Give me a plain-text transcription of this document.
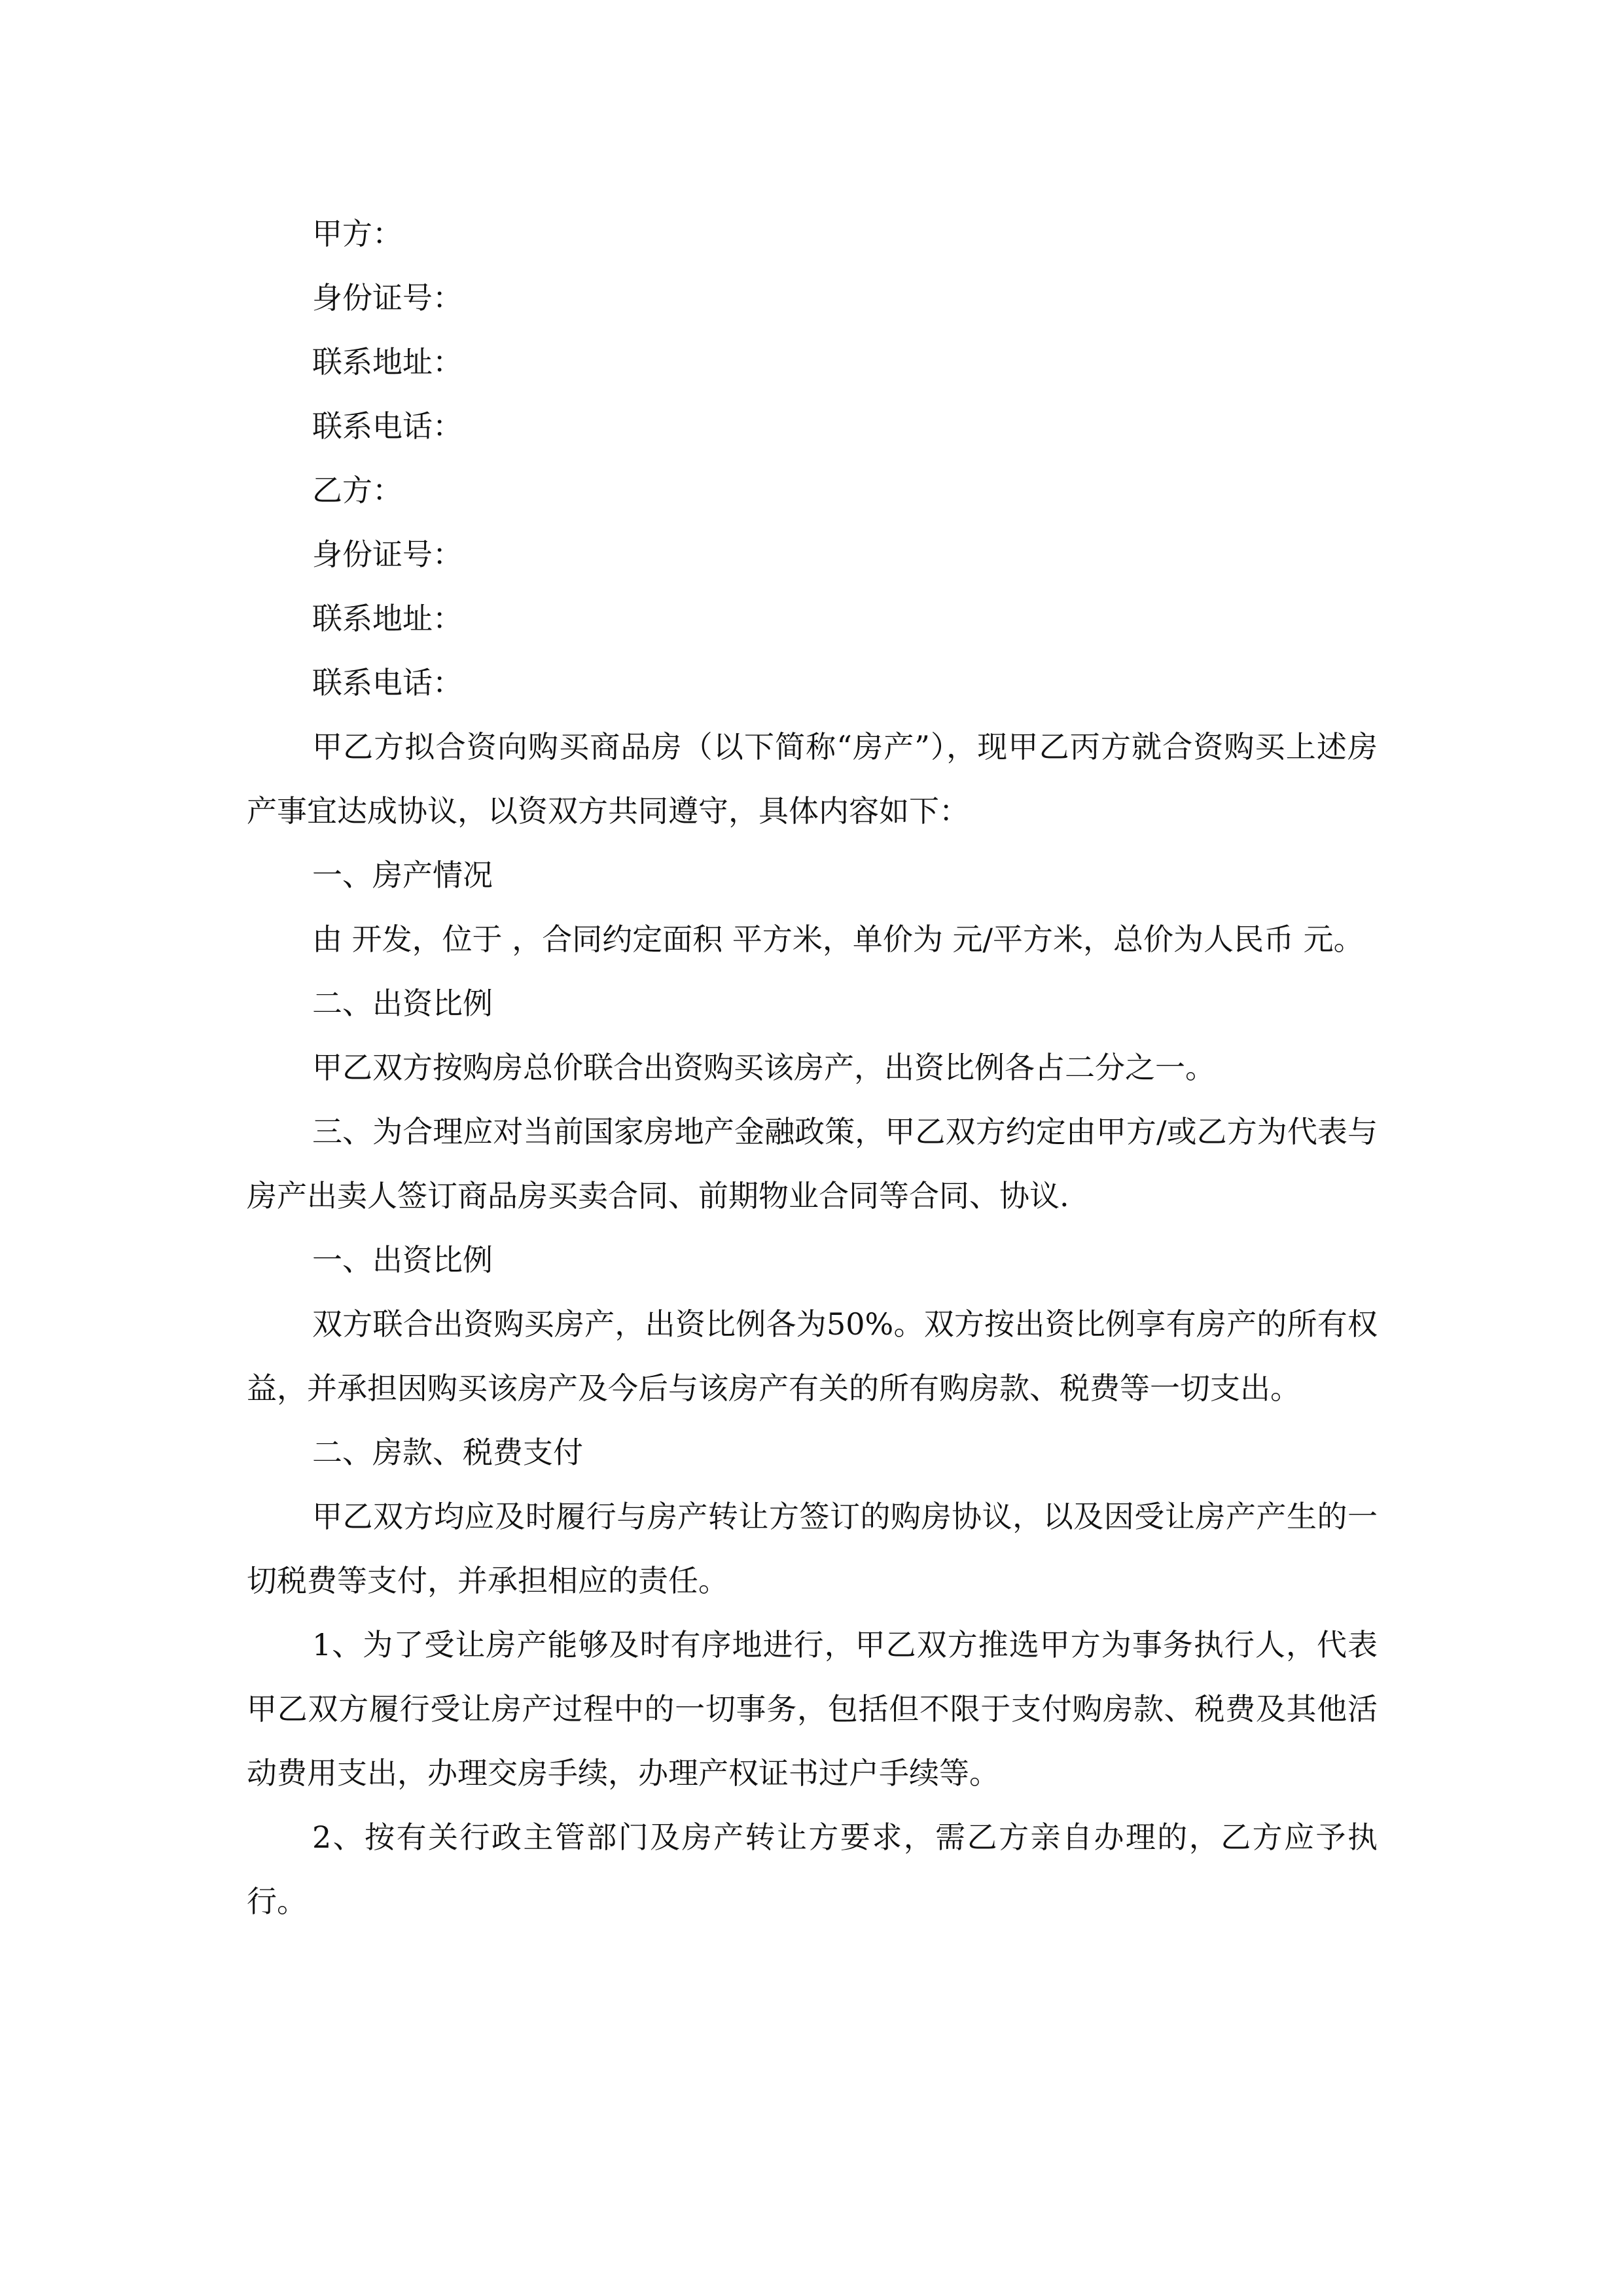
甲方：

身份证号：

联系地址：

联系电话：

乙方：

身份证号：

联系地址：

联系电话：

甲乙方拟合资向购买商品房（以下简称“房产”），现甲乙丙方就合资购买上述房产事宜达成协议，以资双方共同遵守，具体内容如下：

一、房产情况

由 开发，位于 ，合同约定面积 平方米，单价为 元/平方米，总价为人民币 元。

二、出资比例

甲乙双方按购房总价联合出资购买该房产，出资比例各占二分之一。

三、为合理应对当前国家房地产金融政策，甲乙双方约定由甲方/或乙方为代表与房产出卖人签订商品房买卖合同、前期物业合同等合同、协议.

一、出资比例

双方联合出资购买房产，出资比例各为50%。双方按出资比例享有房产的所有权益，并承担因购买该房产及今后与该房产有关的所有购房款、税费等一切支出。

二、房款、税费支付

甲乙双方均应及时履行与房产转让方签订的购房协议，以及因受让房产产生的一切税费等支付，并承担相应的责任。

1、为了受让房产能够及时有序地进行，甲乙双方推选甲方为事务执行人，代表甲乙双方履行受让房产过程中的一切事务，包括但不限于支付购房款、税费及其他活动费用支出，办理交房手续，办理产权证书过户手续等。

2、按有关行政主管部门及房产转让方要求，需乙方亲自办理的，乙方应予执行。
